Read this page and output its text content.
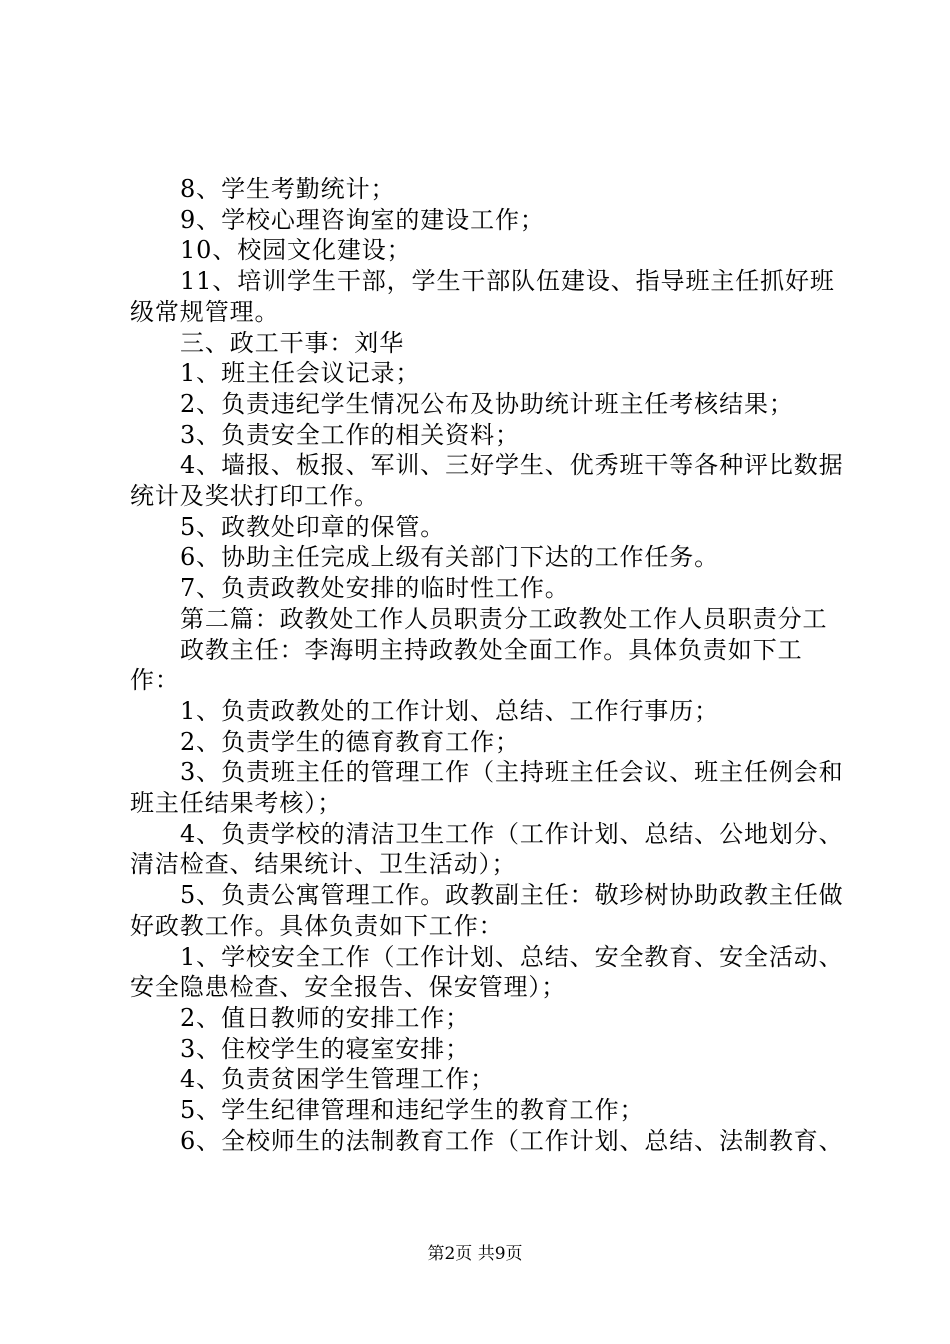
8、学生考勤统计；

9、学校心理咨询室的建设工作；

10、校园文化建设；

11、培训学生干部，学生干部队伍建设、指导班主任抓好班级常规管理。

三、政工干事：刘华

1、班主任会议记录；

2、负责违纪学生情况公布及协助统计班主任考核结果；

3、负责安全工作的相关资料；

4、墙报、板报、军训、三好学生、优秀班干等各种评比数据统计及奖状打印工作。

5、政教处印章的保管。

6、协助主任完成上级有关部门下达的工作任务。

7、负责政教处安排的临时性工作。

第二篇：政教处工作人员职责分工政教处工作人员职责分工

政教主任：李海明主持政教处全面工作。具体负责如下工作：

1、负责政教处的工作计划、总结、工作行事历；

2、负责学生的德育教育工作；

3、负责班主任的管理工作（主持班主任会议、班主任例会和班主任结果考核）；

4、负责学校的清洁卫生工作（工作计划、总结、公地划分、清洁检查、结果统计、卫生活动）；

5、负责公寓管理工作。政教副主任：敬珍树协助政教主任做好政教工作。具体负责如下工作：

1、学校安全工作（工作计划、总结、安全教育、安全活动、安全隐患检查、安全报告、保安管理）；

2、值日教师的安排工作；

3、住校学生的寝室安排；

4、负责贫困学生管理工作；

5、学生纪律管理和违纪学生的教育工作；

6、全校师生的法制教育工作（工作计划、总结、法制教育、

第2页 共9页
